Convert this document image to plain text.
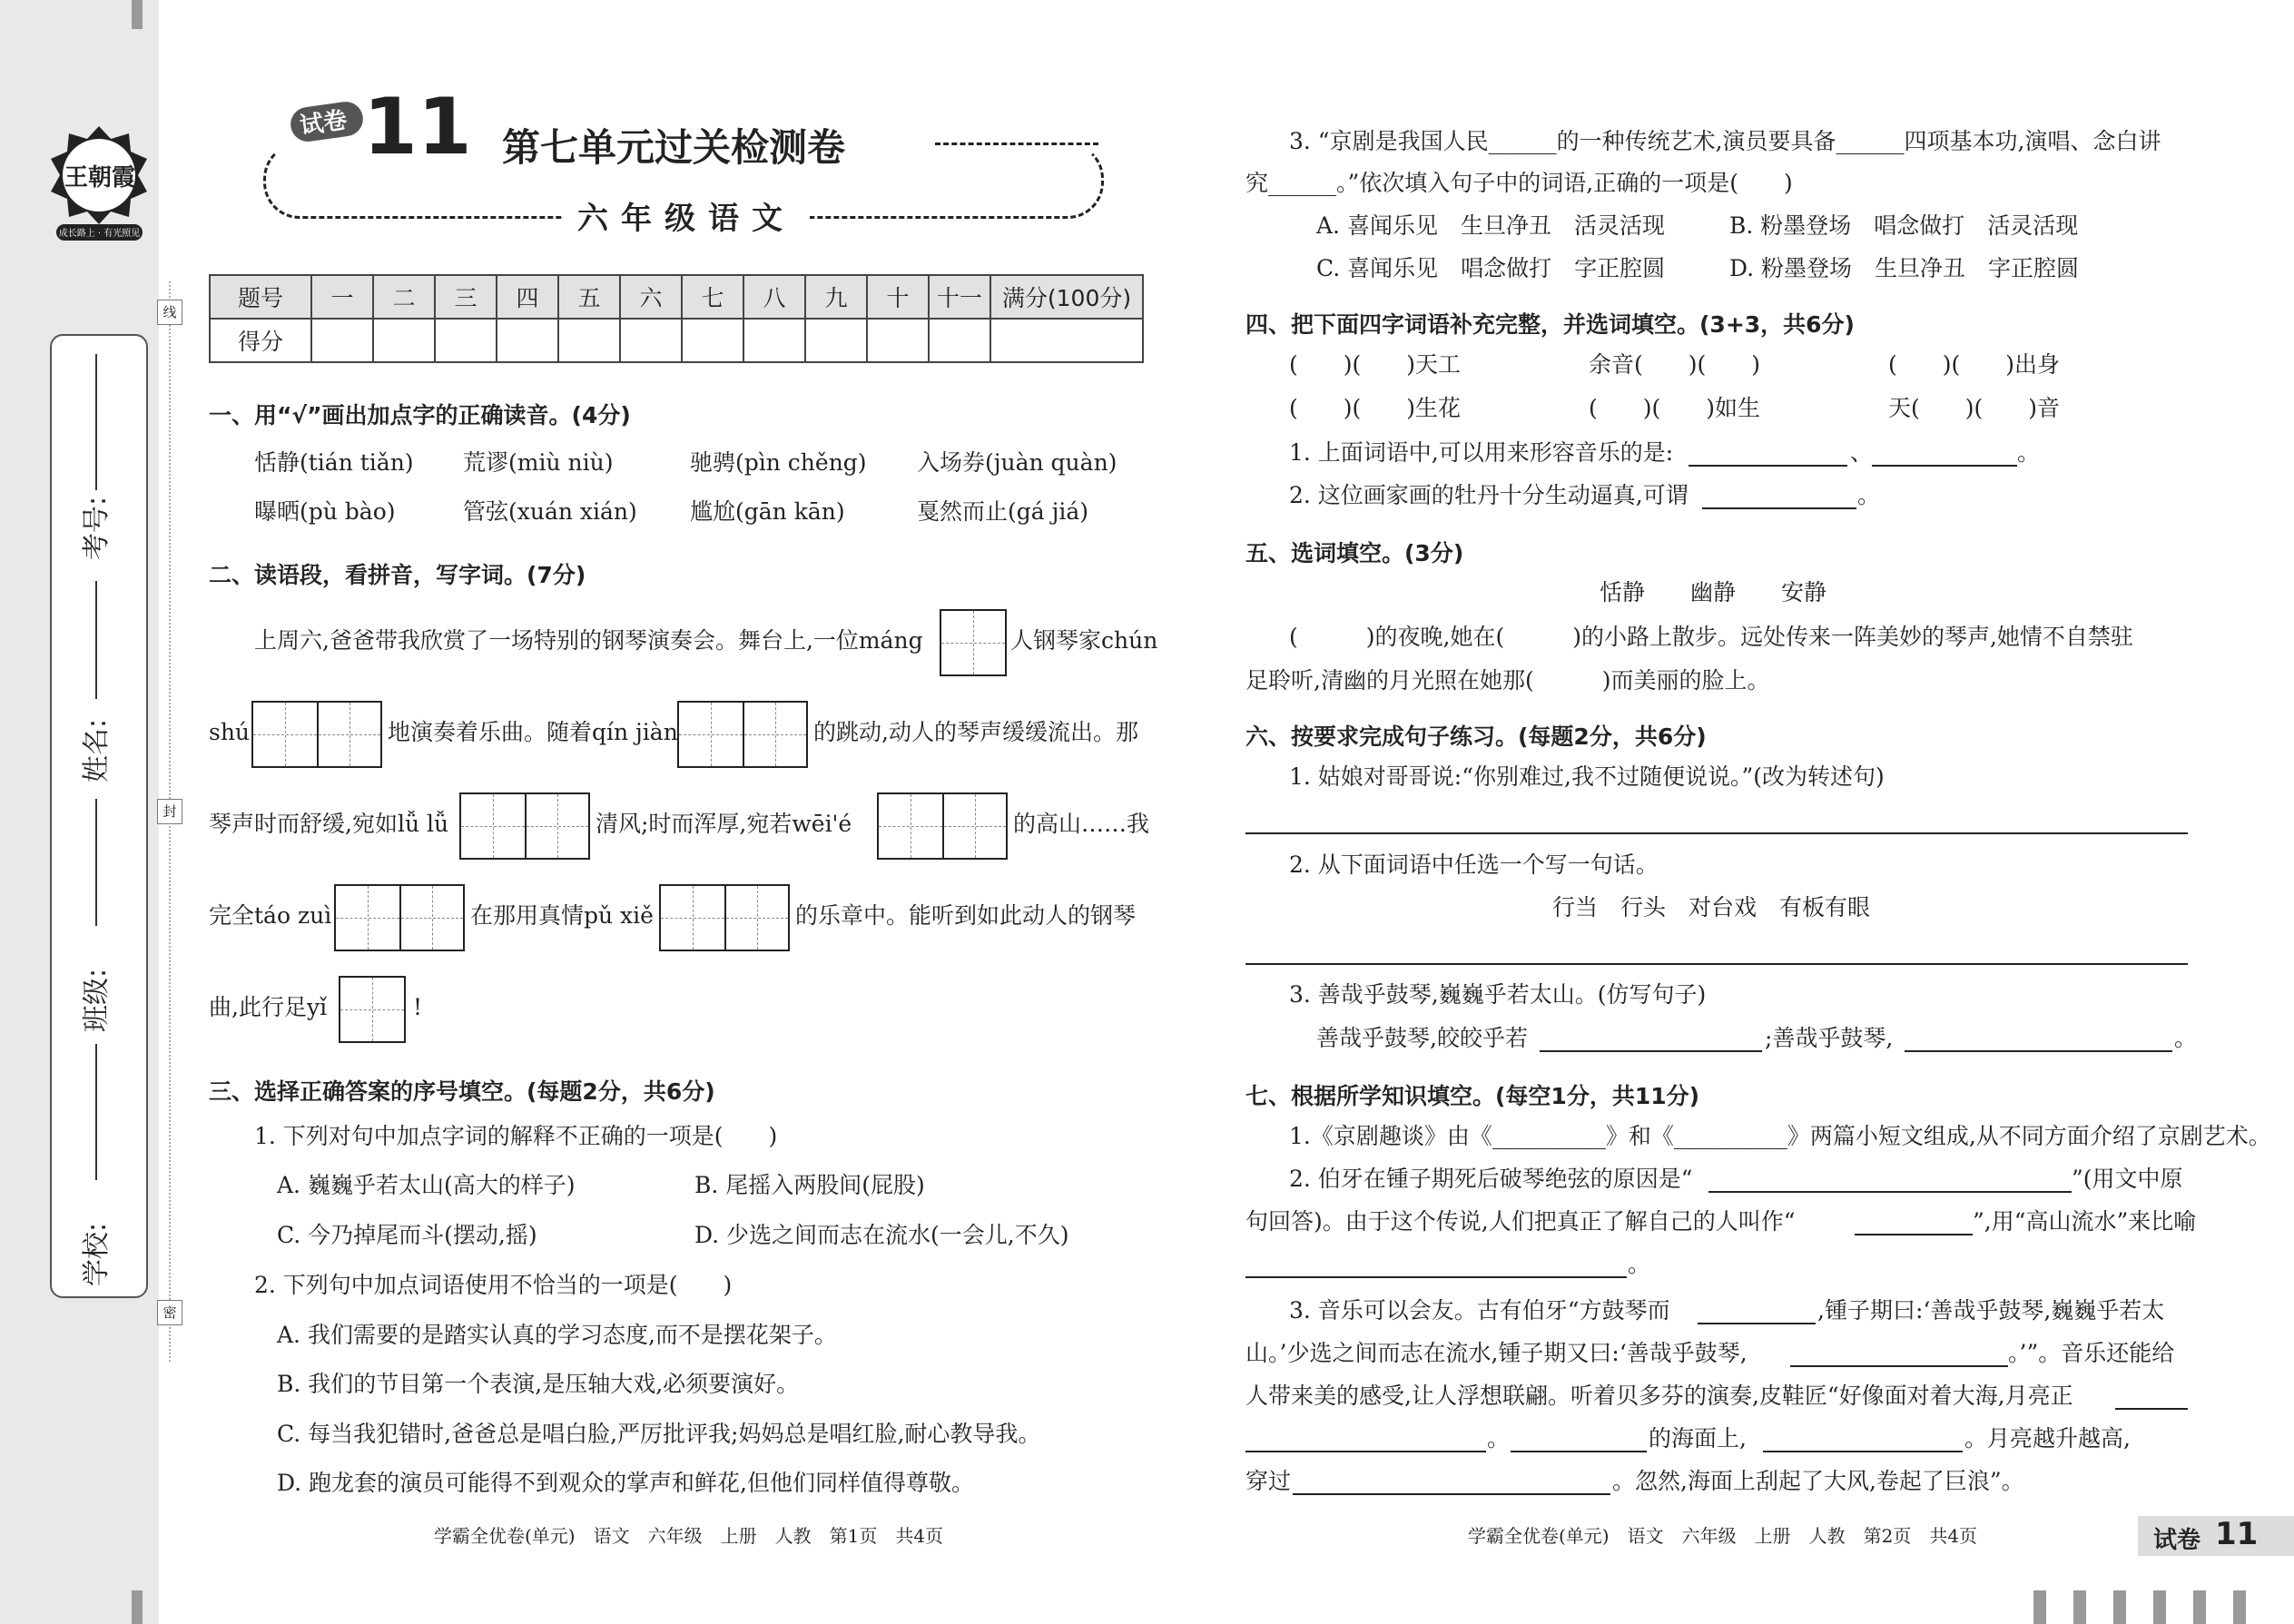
王朝霞
成长路上 · 有光照见
考号:
姓名:
班级:
学校:
线
封
密
试卷 11 第七单元过关检测卷
六年级语文
题号	一	二	三	四	五	六	七	八	九	十	十一	满分(100分)
得分												
一、用“√”画出加点字的正确读音。(4分)
恬静(tián tiǎn) 荒谬(miù niù)	驰骋(pìn chěng) 入场券(juàn quàn)
曝晒(pù bào)	管弦(xuán xián) 尴尬(gān kān)	戛然而止(gá jiá)
二、读语段，看拼音，写字词。(7分)
上周六,爸爸带我欣赏了一场特别的钢琴演奏会。舞台上,一位máng	人钢琴家chún
shú	地演奏着乐曲。随着qín jiàn	的跳动,动人的琴声缓缓流出。那
琴声时而舒缓,宛如lǚ lǚ	清风;时而浑厚,宛若wēi'é	的高山……我
完全táo zuì	在那用真情pǔ xiě	的乐章中。能听到如此动人的钢琴
曲,此行足yǐ	!
三、选择正确答案的序号填空。(每题2分，共6分)
1. 下列对句中加点字词的解释不正确的一项是(　　)
A. 巍巍乎若太山(高大的样子)	B. 尾摇入两股间(屁股)
C. 今乃掉尾而斗(摆动,摇)	D. 少选之间而志在流水(一会儿,不久)
2. 下列句中加点词语使用不恰当的一项是(　　)
A. 我们需要的是踏实认真的学习态度,而不是摆花架子。
B. 我们的节目第一个表演,是压轴大戏,必须要演好。
C. 每当我犯错时,爸爸总是唱白脸,严厉批评我;妈妈总是唱红脸,耐心教导我。
D. 跑龙套的演员可能得不到观众的掌声和鲜花,但他们同样值得尊敬。
学霸全优卷(单元)　语文　六年级　上册　人教　第1页　共4页
3. “京剧是我国人民______的一种传统艺术,演员要具备______四项基本功,演唱、念白讲
究______。”依次填入句子中的词语,正确的一项是(　　)
A. 喜闻乐见　生旦净丑　活灵活现	B. 粉墨登场　唱念做打　活灵活现
C. 喜闻乐见　唱念做打　字正腔圆	D. 粉墨登场　生旦净丑　字正腔圆
四、把下面四字词语补充完整，并选词填空。(3+3，共6分)
(　　)(　　)天工	余音(　　)(　　)	(　　)(　　)出身
(　　)(　　)生花	(　　)(　　)如生	天(　　)(　　)音
1. 上面词语中,可以用来形容音乐的是:	、	。
2. 这位画家画的牡丹十分生动逼真,可谓	。
五、选词填空。(3分)
恬静　　幽静　　安静
(　　　)的夜晚,她在(　　　)的小路上散步。远处传来一阵美妙的琴声,她情不自禁驻
足聆听,清幽的月光照在她那(　　　)而美丽的脸上。
六、按要求完成句子练习。(每题2分，共6分)
1. 姑娘对哥哥说:“你别难过,我不过随便说说。”(改为转述句)
2. 从下面词语中任选一个写一句话。
行当　行头　对台戏　有板有眼
3. 善哉乎鼓琴,巍巍乎若太山。(仿写句子)
善哉乎鼓琴,皎皎乎若	;善哉乎鼓琴,	。
七、根据所学知识填空。(每空1分，共11分)
1.《京剧趣谈》由《__________》和《__________》两篇小短文组成,从不同方面介绍了京剧艺术。
2. 伯牙在锺子期死后破琴绝弦的原因是“	”(用文中原
句回答)。由于这个传说,人们把真正了解自己的人叫作“	”,用“高山流水”来比喻
。
3. 音乐可以会友。古有伯牙“方鼓琴而	,锺子期曰:‘善哉乎鼓琴,巍巍乎若太
山。’少选之间而志在流水,锺子期又曰:‘善哉乎鼓琴,	。’”。音乐还能给
人带来美的感受,让人浮想联翩。听着贝多芬的演奏,皮鞋匠“好像面对着大海,月亮正
。	的海面上,	。月亮越升越高,
穿过	。忽然,海面上刮起了大风,卷起了巨浪”。
学霸全优卷(单元)　语文　六年级　上册　人教　第2页　共4页	试卷 11
